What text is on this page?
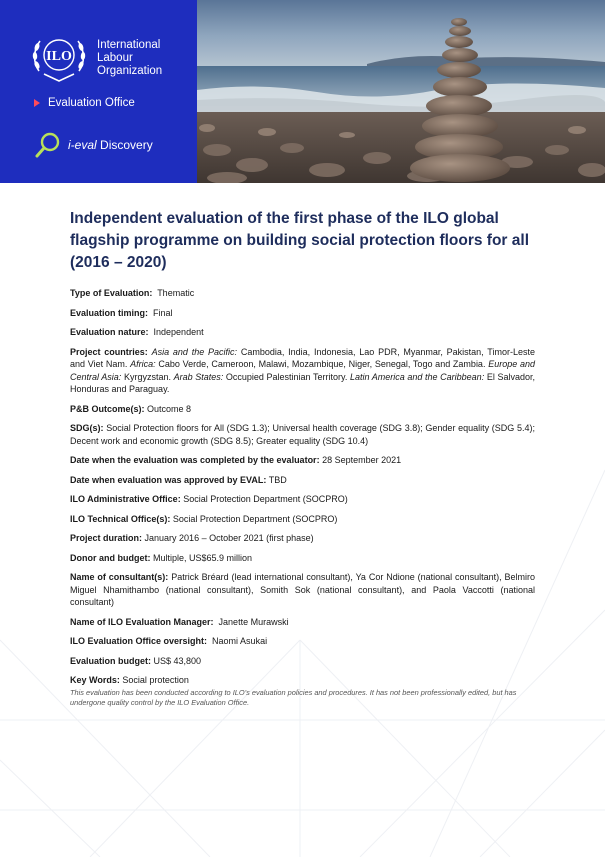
ILO
International
Labour
Organization
Evaluation Office
i-eval Discovery
Independent evaluation of the first phase of the ILO global flagship programme on building social protection floors for all (2016 – 2020)

Type of Evaluation: Thematic

Evaluation timing: Final

Evaluation nature: Independent

Project countries: Asia and the Pacific: Cambodia, India, Indonesia, Lao PDR, Myanmar, Pakistan, Timor-Leste and Viet Nam. Africa: Cabo Verde, Cameroon, Malawi, Mozambique, Niger, Senegal, Togo and Zambia. Europe and Central Asia: Kyrgyzstan. Arab States: Occupied Palestinian Territory. Latin America and the Caribbean: El Salvador, Honduras and Paraguay.

P&B Outcome(s): Outcome 8

SDG(s): Social Protection floors for All (SDG 1.3); Universal health coverage (SDG 3.8); Gender equality (SDG 5.4); Decent work and economic growth (SDG 8.5); Greater equality (SDG 10.4)

Date when the evaluation was completed by the evaluator: 28 September 2021

Date when evaluation was approved by EVAL: TBD

ILO Administrative Office: Social Protection Department (SOCPRO)

ILO Technical Office(s): Social Protection Department (SOCPRO)

Project duration: January 2016 – October 2021 (first phase)

Donor and budget: Multiple, US$65.9 million

Name of consultant(s): Patrick Bréard (lead international consultant), Ya Cor Ndione (national consultant), Belmiro Miguel Nhamithambo (national consultant), Somith Sok (national consultant), and Paola Vaccotti (national consultant)

Name of ILO Evaluation Manager: Janette Murawski

ILO Evaluation Office oversight: Naomi Asukai

Evaluation budget: US$ 43,800

Key Words: Social protection

This evaluation has been conducted according to ILO’s evaluation policies and procedures. It has not been professionally edited, but has undergone quality control by the ILO Evaluation Office.
